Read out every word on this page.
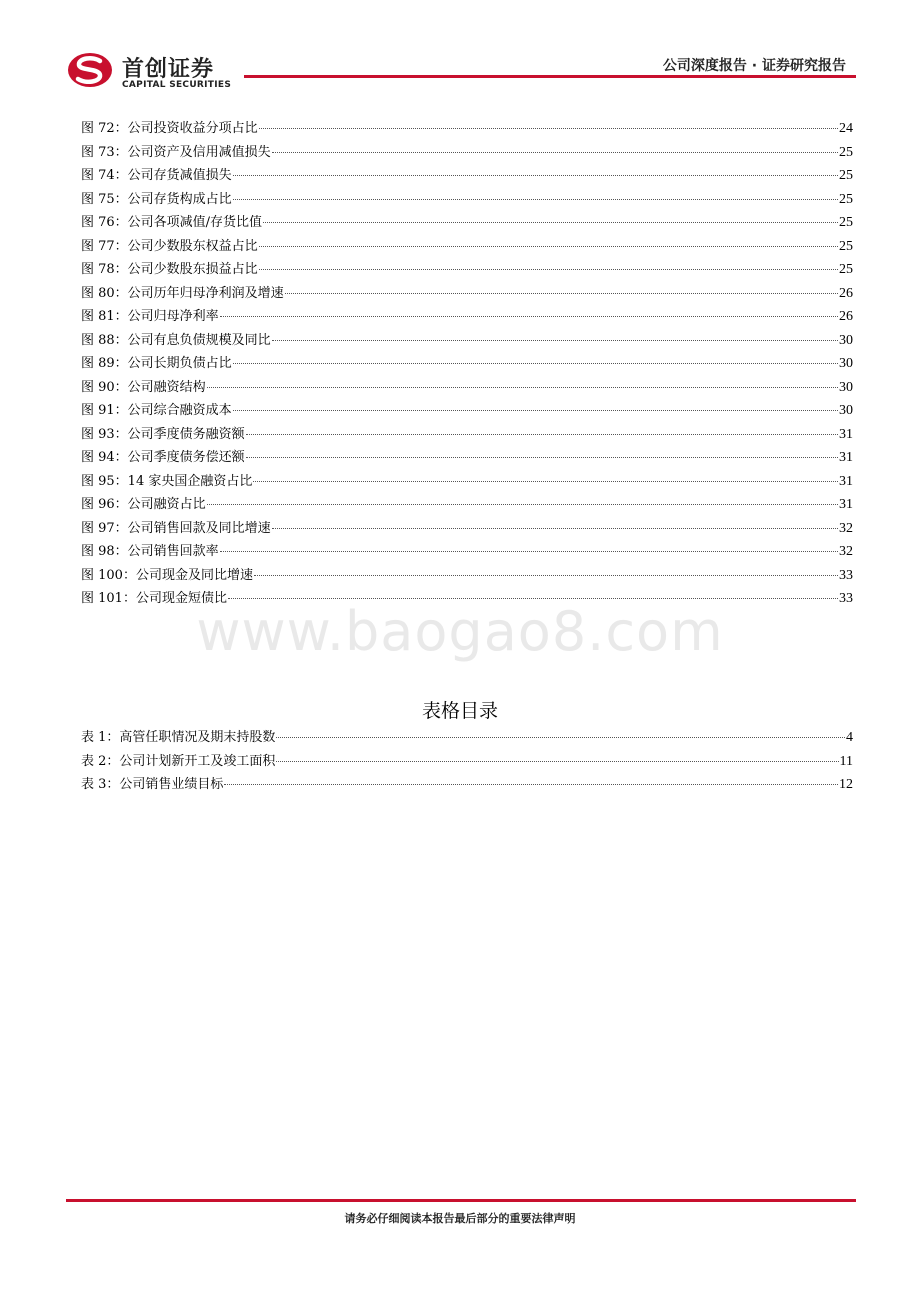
首创证券
CAPITAL SECURITIES
公司深度报告 · 证券研究报告
图 72：公司投资收益分项占比	24
图 73：公司资产及信用减值损失	25
图 74：公司存货减值损失	25
图 75：公司存货构成占比	25
图 76：公司各项减值/存货比值	25
图 77：公司少数股东权益占比	25
图 78：公司少数股东损益占比	25
图 80：公司历年归母净利润及增速	26
图 81：公司归母净利率	26
图 88：公司有息负债规模及同比	30
图 89：公司长期负债占比	30
图 90：公司融资结构	30
图 91：公司综合融资成本	30
图 93：公司季度债务融资额	31
图 94：公司季度债务偿还额	31
图 95：14 家央国企融资占比	31
图 96：公司融资占比	31
图 97：公司销售回款及同比增速	32
图 98：公司销售回款率	32
图 100：公司现金及同比增速	33
图 101：公司现金短债比	33
www.baogao8.com
表格目录
表 1：高管任职情况及期末持股数	4
表 2：公司计划新开工及竣工面积	11
表 3：公司销售业绩目标	12
请务必仔细阅读本报告最后部分的重要法律声明
